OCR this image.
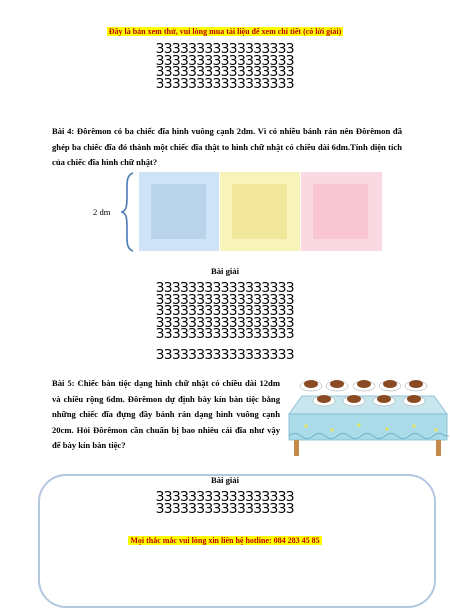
Đây là bản xem thử, vui lòng mua tài liệu để xem chi tiết (có lời giải)
ЗЗЗЗЗЗЗЗЗЗЗЗЗЗЗЗЗ
ЗЗЗЗЗЗЗЗЗЗЗЗЗЗЗЗЗ
ЗЗЗЗЗЗЗЗЗЗЗЗЗЗЗЗЗ
ЗЗЗЗЗЗЗЗЗЗЗЗЗЗЗЗЗ
Bài 4: Đôrêmon có ba chiếc đĩa hình vuông cạnh 2dm. Vì có nhiều bánh rán nên Đôrêmon đã ghép ba chiếc đĩa đó thành một chiếc đĩa thật to hình chữ nhật có chiều dài 6dm.Tính diện tích của chiếc đĩa hình chữ nhật?
2 dm
Bài giải
ЗЗЗЗЗЗЗЗЗЗЗЗЗЗЗЗЗ
ЗЗЗЗЗЗЗЗЗЗЗЗЗЗЗЗЗ
ЗЗЗЗЗЗЗЗЗЗЗЗЗЗЗЗЗ
ЗЗЗЗЗЗЗЗЗЗЗЗЗЗЗЗЗ
ЗЗЗЗЗЗЗЗЗЗЗЗЗЗЗЗЗ
ЗЗЗЗЗЗЗЗЗЗЗЗЗЗЗЗЗ
Bài 5: Chiếc bàn tiệc dạng hình chữ nhật có chiều dài 12dm và chiều rộng 6dm. Đôrêmon dự định bày kín bàn tiệc bằng những chiếc đĩa đựng đầy bánh rán dạng hình vuông cạnh 20cm. Hỏi Đôrêmon cần chuẩn bị bao nhiêu cái đĩa như vậy để bày kín bàn tiệc?
Bài giải
ЗЗЗЗЗЗЗЗЗЗЗЗЗЗЗЗЗ
ЗЗЗЗЗЗЗЗЗЗЗЗЗЗЗЗЗ
Mọi thắc mắc vui lòng xin liên hệ hotline: 084 283 45 85
